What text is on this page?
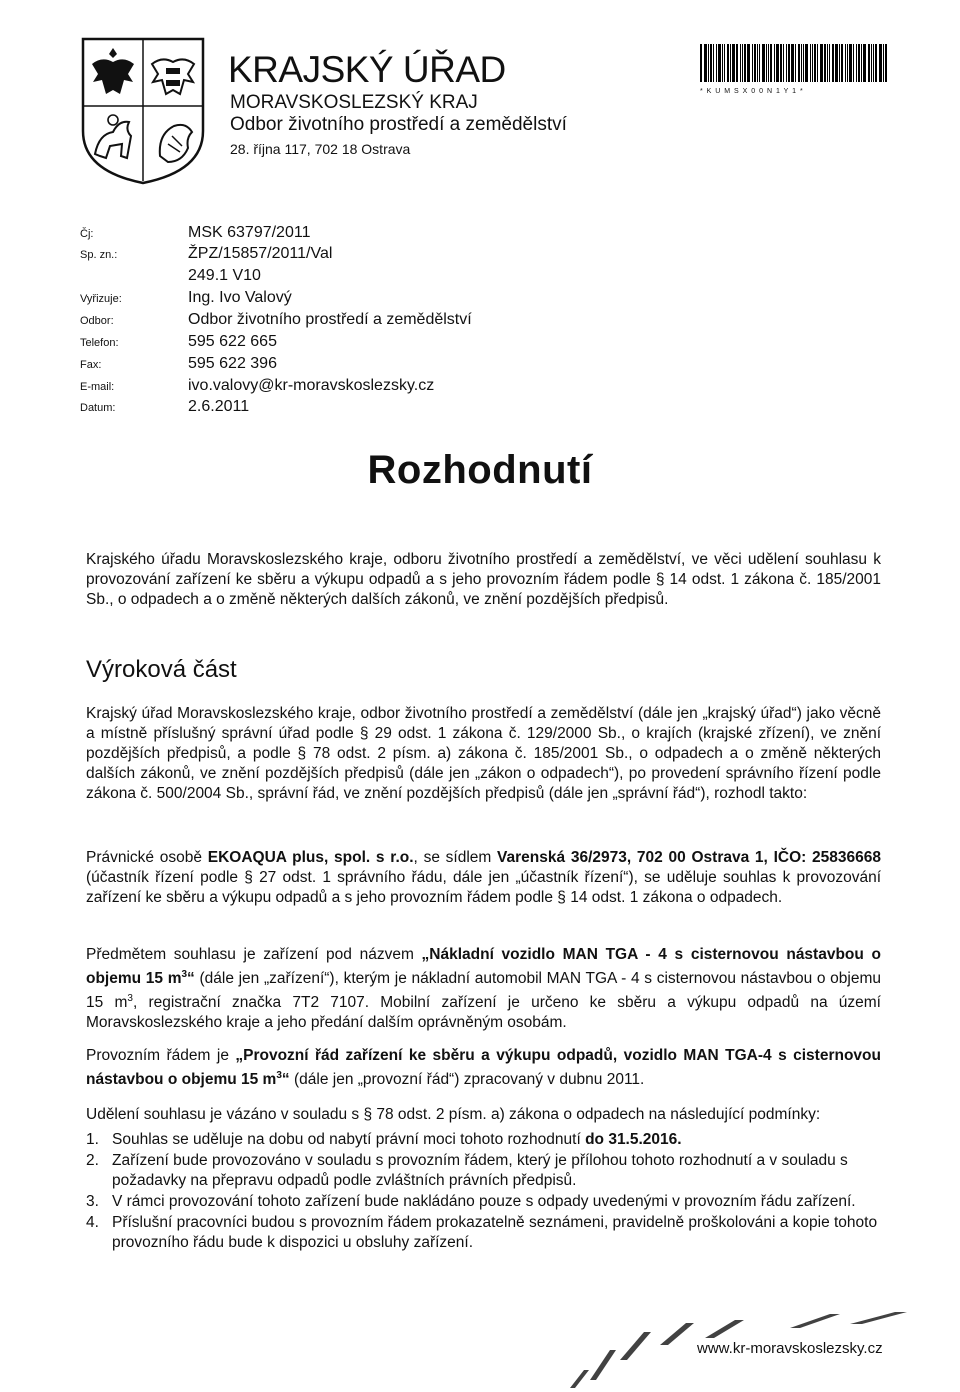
KRAJSKÝ ÚŘAD
MORAVSKOSLEZSKÝ KRAJ
Odbor životního prostředí a zemědělství
28. října 117, 702 18 Ostrava
* K U M S X 0 0 N 1 Y 1 *
Čj:	MSK 63797/2011
Sp. zn.:	ŽPZ/15857/2011/Val
249.1 V10
Vyřizuje:	Ing. Ivo Valový
Odbor:	Odbor životního prostředí a zemědělství
Telefon:	595 622 665
Fax:	595 622 396
E-mail:	ivo.valovy@kr-moravskoslezsky.cz
Datum:	2.6.2011
Rozhodnutí
Krajského úřadu Moravskoslezského kraje, odboru životního prostředí a zemědělství, ve věci udělení souhlasu k provozování zařízení ke sběru a výkupu odpadů a s jeho provozním řádem podle § 14 odst. 1 zákona č. 185/2001 Sb., o odpadech a o změně některých dalších zákonů, ve znění pozdějších předpisů.
Výroková část
Krajský úřad Moravskoslezského kraje, odbor životního prostředí a zemědělství (dále jen „krajský úřad“) jako věcně a místně příslušný správní úřad podle § 29 odst. 1 zákona č. 129/2000 Sb., o krajích (krajské zřízení), ve znění pozdějších předpisů, a podle § 78 odst. 2 písm. a) zákona č. 185/2001 Sb., o odpadech a o změně některých dalších zákonů, ve znění pozdějších předpisů (dále jen „zákon o odpadech“), po provedení správního řízení podle zákona č. 500/2004 Sb., správní řád, ve znění pozdějších předpisů (dále jen „správní řád“), rozhodl takto:
Právnické osobě EKOAQUA plus, spol. s r.o., se sídlem Varenská 36/2973, 702 00 Ostrava 1, IČO: 25836668 (účastník řízení podle § 27 odst. 1 správního řádu, dále jen „účastník řízení“), se uděluje souhlas k provozování zařízení ke sběru a výkupu odpadů a s jeho provozním řádem podle § 14 odst. 1 zákona o odpadech.
Předmětem souhlasu je zařízení pod názvem „Nákladní vozidlo MAN TGA - 4 s cisternovou nástavbou o objemu 15 $m^3“$ (dále jen „zařízení“), kterým je nákladní automobil MAN TGA - 4 s cisternovou nástavbou o objemu 15 $m^3$, registrační značka 7T2 7107. Mobilní zařízení je určeno ke sběru a výkupu odpadů na území Moravskoslezského kraje a jeho předání dalším oprávněným osobám.
Provozním řádem je „Provozní řád zařízení ke sběru a výkupu odpadů, vozidlo MAN TGA-4 s cisternovou nástavbou o objemu 15 $m^3“$ (dále jen „provozní řád“) zpracovaný v dubnu 2011.
Udělení souhlasu je vázáno v souladu s § 78 odst. 2 písm. a) zákona o odpadech na následující podmínky:
1. Souhlas se uděluje na dobu od nabytí právní moci tohoto rozhodnutí do 31.5.2016.
2. Zařízení bude provozováno v souladu s provozním řádem, který je přílohou tohoto rozhodnutí a v souladu s požadavky na přepravu odpadů podle zvláštních právních předpisů.
3. V rámci provozování tohoto zařízení bude nakládáno pouze s odpady uvedenými v provozním řádu zařízení.
4. Příslušní pracovníci budou s provozním řádem prokazatelně seznámeni, pravidelně proškolováni a kopie tohoto provozního řádu bude k dispozici u obsluhy zařízení.
www.kr-moravskoslezsky.cz
